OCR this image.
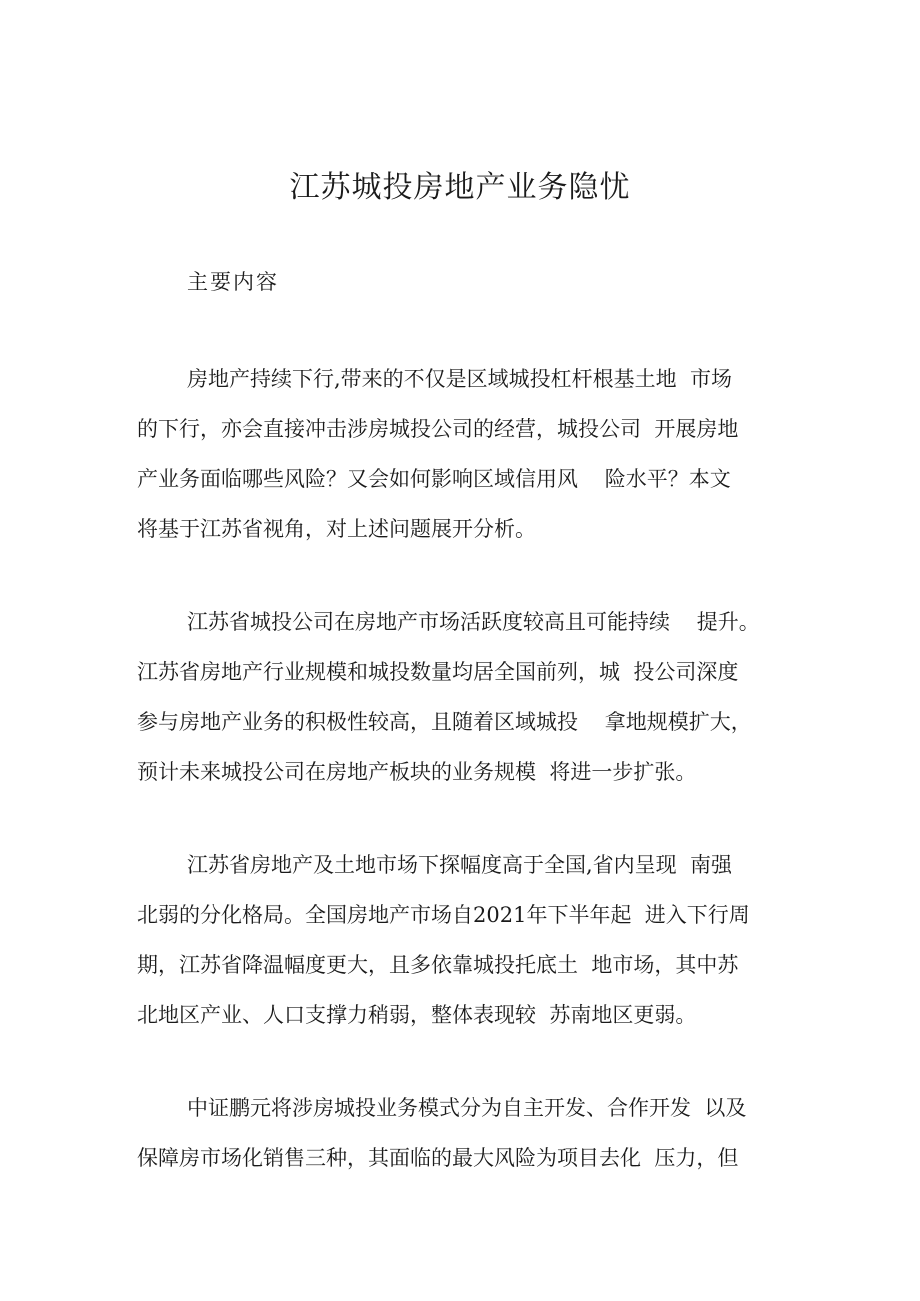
江苏城投房地产业务隐忧
主要内容
房地产持续下行,带来的不仅是区域城投杠杆根基土地  市场
的下行，亦会直接冲击涉房城投公司的经营，城投公司  开展房地
产业务面临哪些风险？又会如何影响区域信用风    险水平？本文
将基于江苏省视角，对上述问题展开分析。
江苏省城投公司在房地产市场活跃度较高且可能持续    提升。
江苏省房地产行业规模和城投数量均居全国前列，城  投公司深度
参与房地产业务的积极性较高，且随着区域城投    拿地规模扩大，
预计未来城投公司在房地产板块的业务规模  将进一步扩张。
江苏省房地产及土地市场下探幅度高于全国,省内呈现  南强
北弱的分化格局。全国房地产市场自2021年下半年起  进入下行周
期，江苏省降温幅度更大，且多依靠城投托底土  地市场，其中苏
北地区产业、人口支撑力稍弱，整体表现较  苏南地区更弱。
中证鹏元将涉房城投业务模式分为自主开发、合作开发  以及
保障房市场化销售三种，其面临的最大风险为项目去化  压力，但
